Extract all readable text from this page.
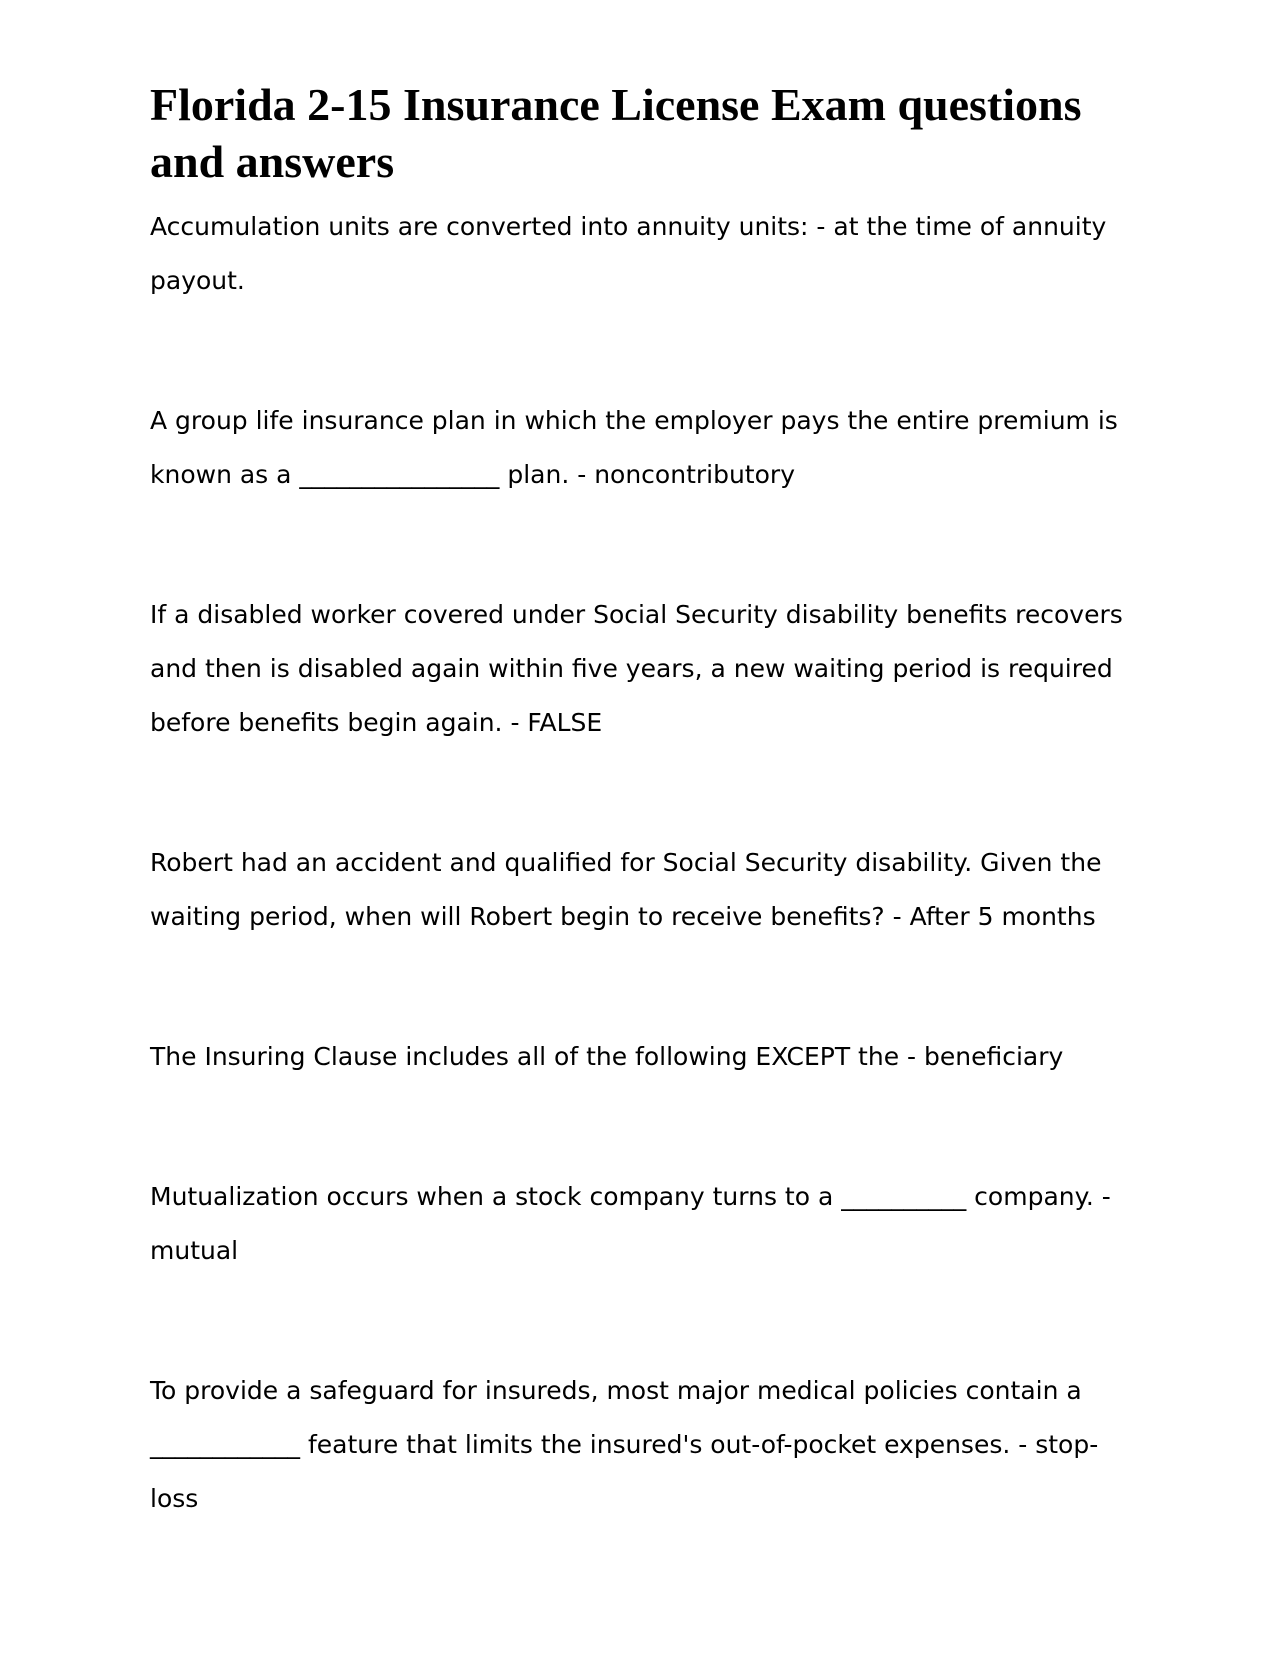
Florida 2-15 Insurance License Exam questions and answers

Accumulation units are converted into annuity units: - at the time of annuity payout.

A group life insurance plan in which the employer pays the entire premium is known as a ________________ plan. - noncontributory

If a disabled worker covered under Social Security disability benefits recovers and then is disabled again within five years, a new waiting period is required before benefits begin again. - FALSE

Robert had an accident and qualified for Social Security disability. Given the waiting period, when will Robert begin to receive benefits? - After 5 months

The Insuring Clause includes all of the following EXCEPT the - beneficiary

Mutualization occurs when a stock company turns to a __________ company. - mutual

To provide a safeguard for insureds, most major medical policies contain a ____________ feature that limits the insured's out-of-pocket expenses. - stop-loss
